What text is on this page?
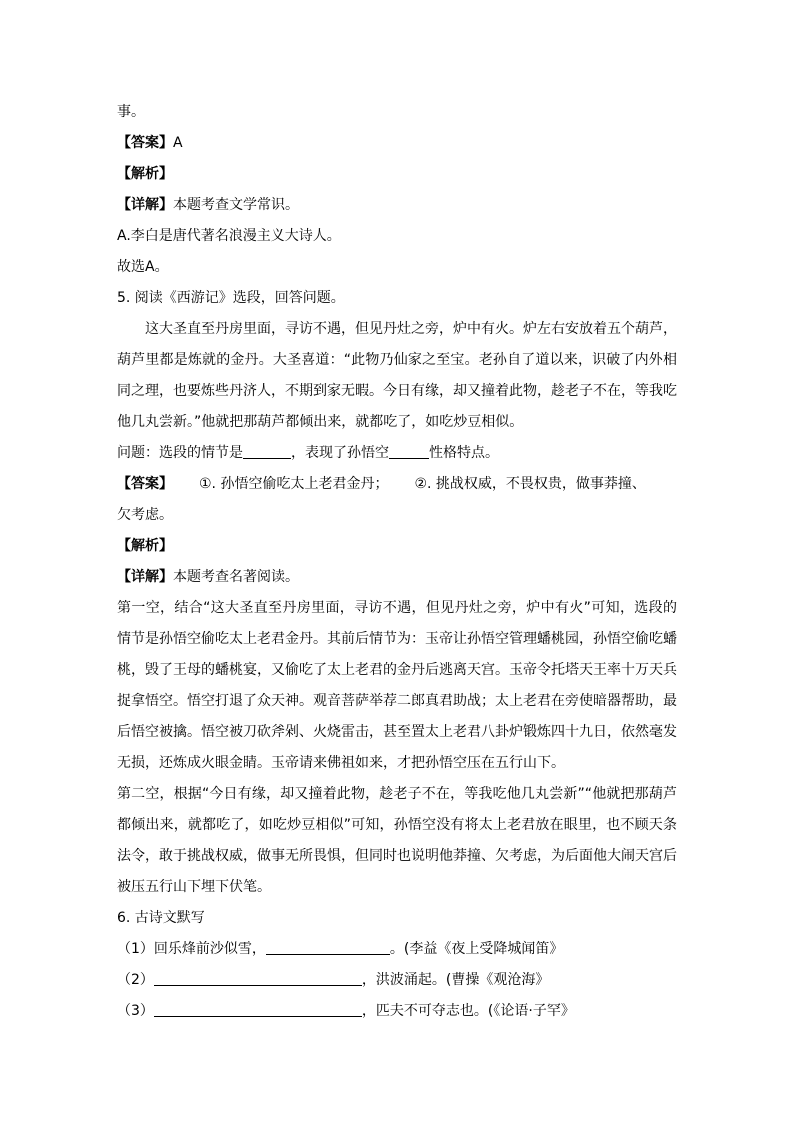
事。
【答案】A
【解析】
【详解】本题考查文学常识。
A.李白是唐代著名浪漫主义大诗人。
故选A。
5. 阅读《西游记》选段，回答问题。
这大圣直至丹房里面，寻访不遇，但见丹灶之旁，炉中有火。炉左右安放着五个葫芦，葫芦里都是炼就的金丹。大圣喜道：“此物乃仙家之至宝。老孙自了道以来，识破了内外相同之理，也要炼些丹济人，不期到家无暇。今日有缘，却又撞着此物，趁老子不在，等我吃他几丸尝新。”他就把那葫芦都倾出来，就都吃了，如吃炒豆相似。
问题：选段的情节是	，表现了孙悟空	性格特点。
【答案】 ①. 孙悟空偷吃太上老君金丹； ②. 挑战权威，不畏权贵，做事莽撞、
欠考虑。
【解析】
【详解】本题考查名著阅读。
第一空，结合“这大圣直至丹房里面，寻访不遇，但见丹灶之旁，炉中有火”可知，选段的情节是孙悟空偷吃太上老君金丹。其前后情节为：玉帝让孙悟空管理蟠桃园，孙悟空偷吃蟠桃，毁了王母的蟠桃宴，又偷吃了太上老君的金丹后逃离天宫。玉帝令托塔天王率十万天兵捉拿悟空。悟空打退了众天神。观音菩萨举荐二郎真君助战；太上老君在旁使暗器帮助，最后悟空被擒。悟空被刀砍斧剁、火烧雷击，甚至置太上老君八卦炉锻炼四十九日，依然毫发无损，还炼成火眼金睛。玉帝请来佛祖如来，才把孙悟空压在五行山下。
第二空，根据“今日有缘，却又撞着此物，趁老子不在，等我吃他几丸尝新”“他就把那葫芦都倾出来，就都吃了，如吃炒豆相似”可知，孙悟空没有将太上老君放在眼里，也不顾天条法令，敢于挑战权威，做事无所畏惧，但同时也说明他莽撞、欠考虑，为后面他大闹天宫后被压五行山下埋下伏笔。
6. 古诗文默写
（1）回乐烽前沙似雪，	。(李益《夜上受降城闻笛》
（2）	，洪波涌起。(曹操《观沧海》
（3）	，匹夫不可夺志也。(《论语·子罕》
